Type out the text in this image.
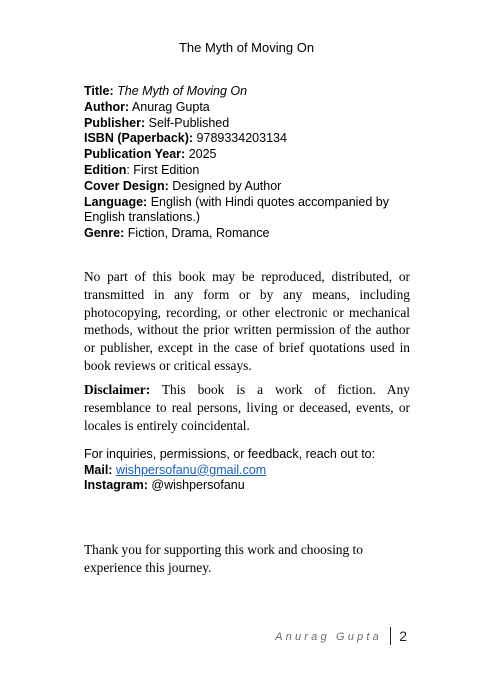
The Myth of Moving On
Title: The Myth of Moving On
Author: Anurag Gupta
Publisher: Self-Published
ISBN (Paperback): 9789334203134
Publication Year: 2025
Edition: First Edition
Cover Design: Designed by Author
Language: English (with Hindi quotes accompanied by English translations.)
Genre: Fiction, Drama, Romance

No part of this book may be reproduced, distributed, or transmitted in any form or by any means, including photocopying, recording, or other electronic or mechanical methods, without the prior written permission of the author or publisher, except in the case of brief quotations used in book reviews or critical essays.

Disclaimer: This book is a work of fiction. Any resemblance to real persons, living or deceased, events, or locales is entirely coincidental.

For inquiries, permissions, or feedback, reach out to:
Mail: wishpersofanu@gmail.com
Instagram: @wishpersofanu

Thank you for supporting this work and choosing to experience this journey.

Anurag Gupta 2
